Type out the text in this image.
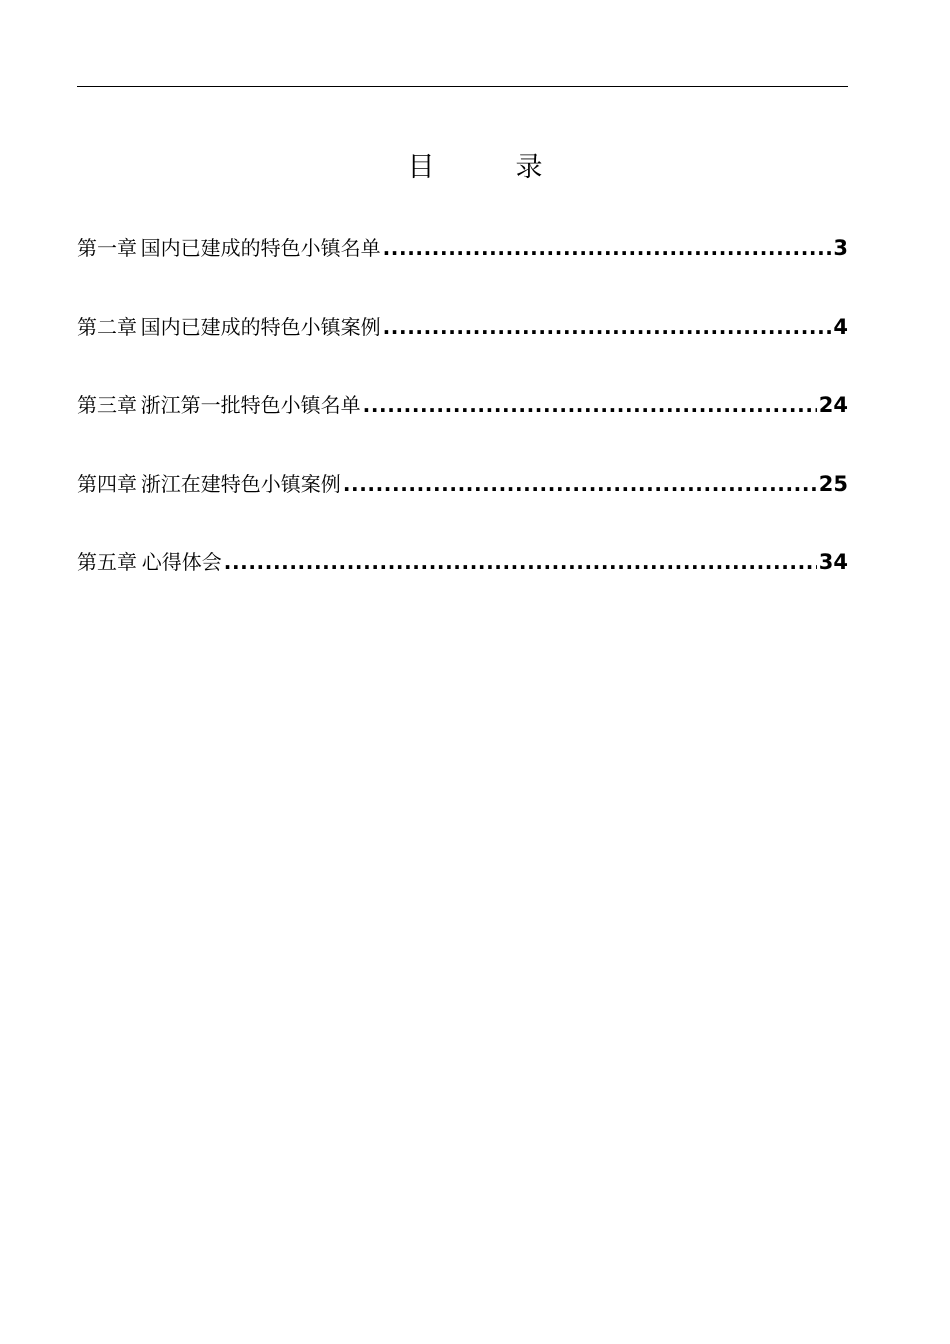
目　　　录
第一章 国内已建成的特色小镇名单 .....	3
第二章 国内已建成的特色小镇案例 .....	4
第三章 浙江第一批特色小镇名单 .....	24
第四章 浙江在建特色小镇案例 .....	25
第五章 心得体会 .....	34
